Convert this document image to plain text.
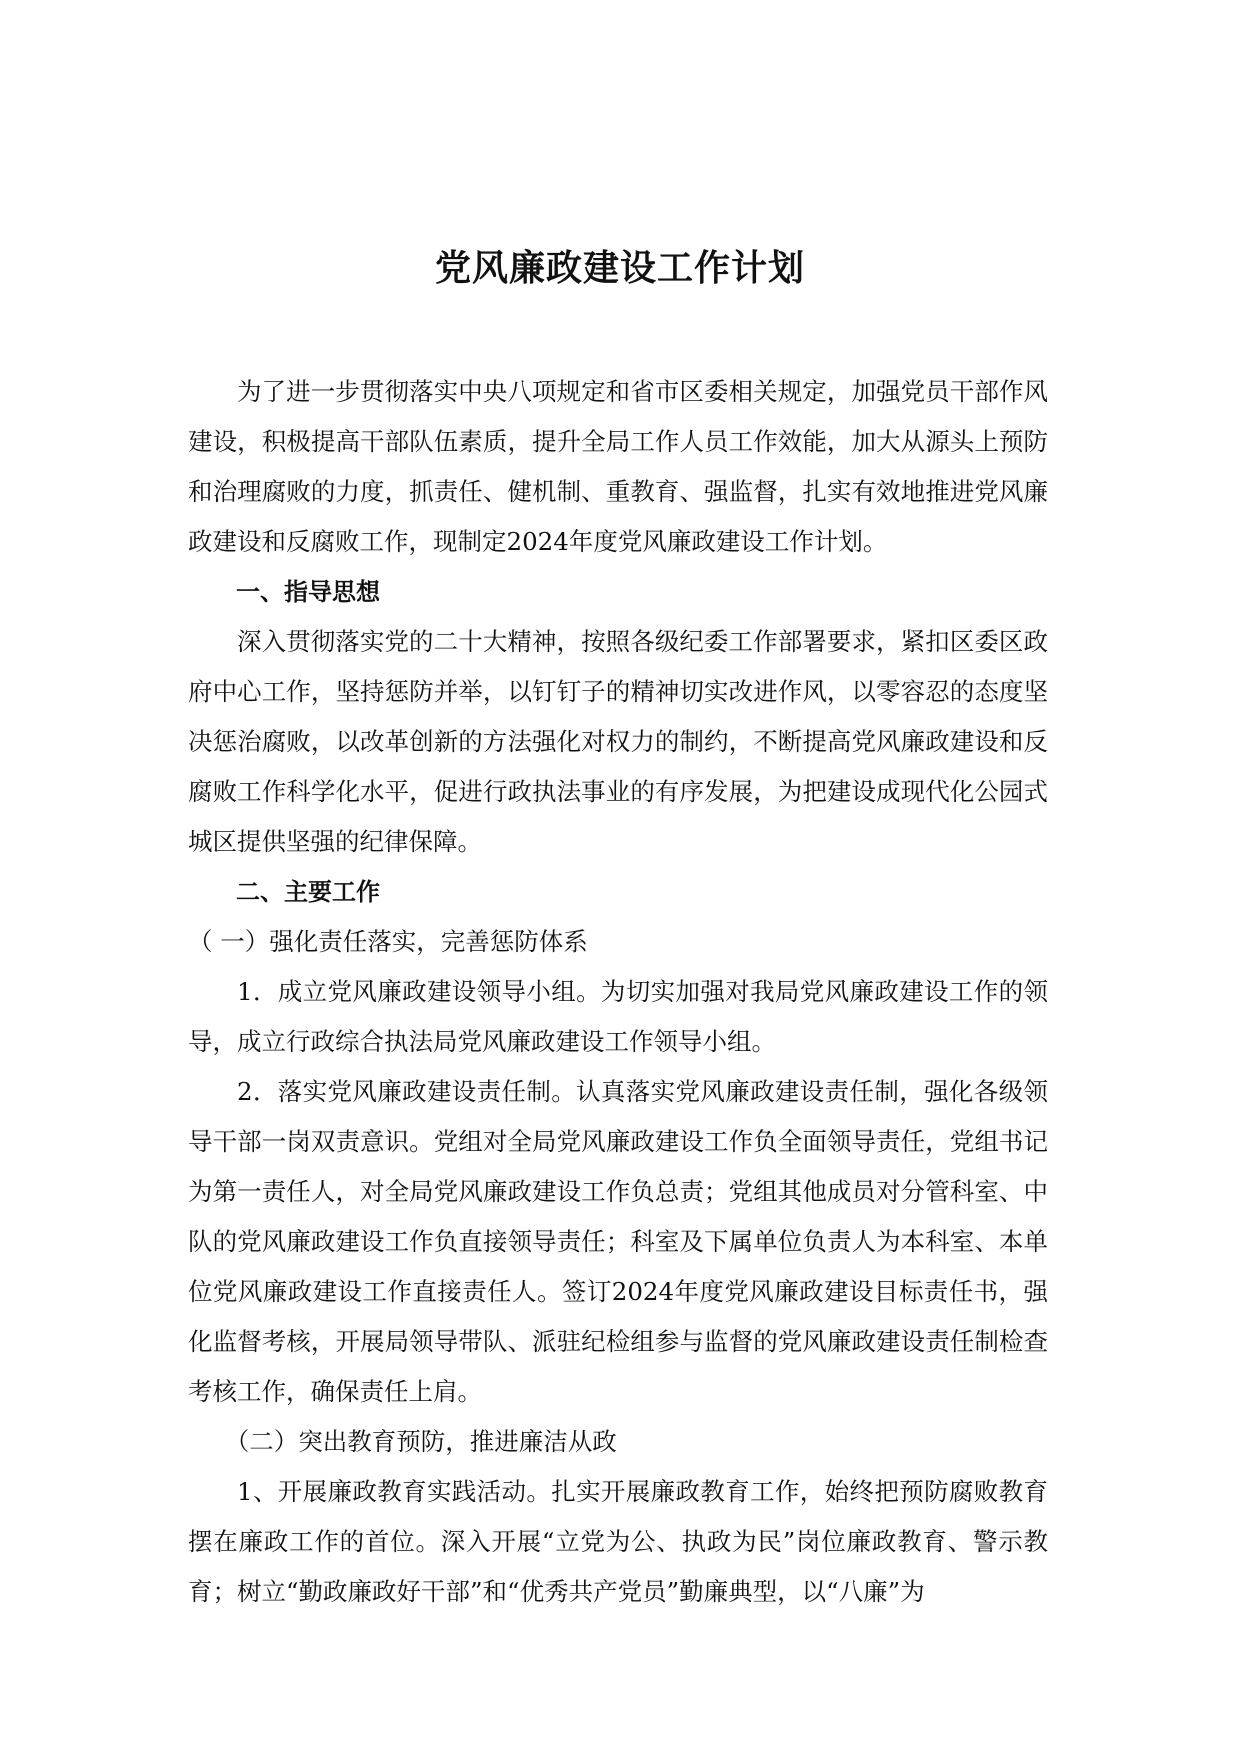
党风廉政建设工作计划

为了进一步贯彻落实中央八项规定和省市区委相关规定，加强党员干部作风建设，积极提高干部队伍素质，提升全局工作人员工作效能，加大从源头上预防和治理腐败的力度，抓责任、健机制、重教育、强监督，扎实有效地推进党风廉政建设和反腐败工作，现制定2024年度党风廉政建设工作计划。

一、指导思想

深入贯彻落实党的二十大精神，按照各级纪委工作部署要求，紧扣区委区政府中心工作，坚持惩防并举，以钉钉子的精神切实改进作风，以零容忍的态度坚决惩治腐败，以改革创新的方法强化对权力的制约，不断提高党风廉政建设和反腐败工作科学化水平，促进行政执法事业的有序发展，为把建设成现代化公园式城区提供坚强的纪律保障。

二、主要工作

（ 一）强化责任落实，完善惩防体系

1．成立党风廉政建设领导小组。为切实加强对我局党风廉政建设工作的领导，成立行政综合执法局党风廉政建设工作领导小组。

2．落实党风廉政建设责任制。认真落实党风廉政建设责任制，强化各级领导干部一岗双责意识。党组对全局党风廉政建设工作负全面领导责任，党组书记为第一责任人，对全局党风廉政建设工作负总责；党组其他成员对分管科室、中队的党风廉政建设工作负直接领导责任；科室及下属单位负责人为本科室、本单位党风廉政建设工作直接责任人。签订2024年度党风廉政建设目标责任书，强化监督考核，开展局领导带队、派驻纪检组参与监督的党风廉政建设责任制检查考核工作，确保责任上肩。

（二）突出教育预防，推进廉洁从政

1、开展廉政教育实践活动。扎实开展廉政教育工作，始终把预防腐败教育摆在廉政工作的首位。深入开展“立党为公、执政为民”岗位廉政教育、警示教育；树立“勤政廉政好干部”和“优秀共产党员”勤廉典型，以“八廉”为
